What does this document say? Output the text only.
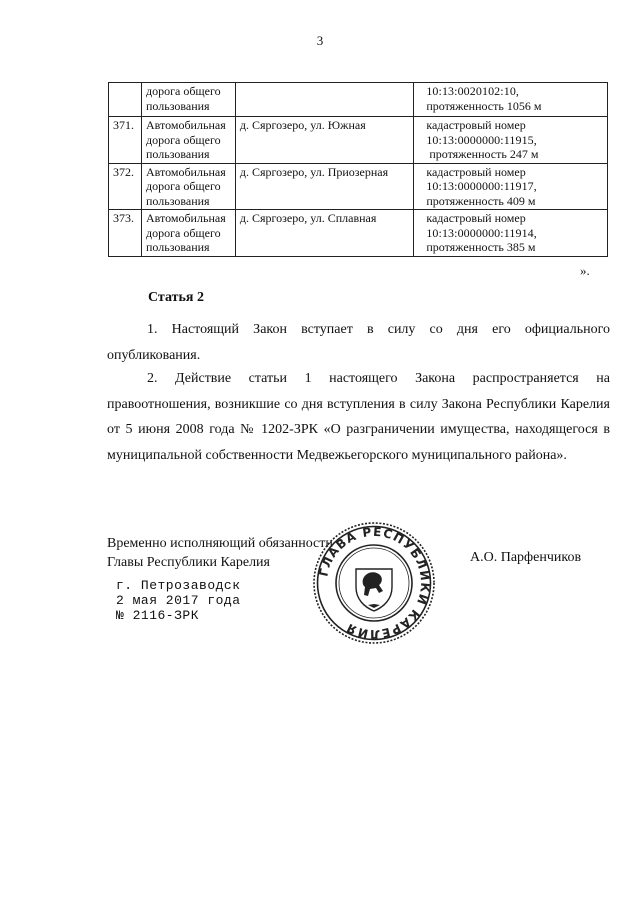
3

	дорога общего
пользования		10:13:0020102:10,
протяженность 1056 м

371.	Автомобильная
дорога общего
пользования	д. Сяргозеро, ул. Южная	кадастровый номер
10:13:0000000:11915,
протяженность 247 м

372.	Автомобильная
дорога общего
пользования	д. Сяргозеро, ул. Приозерная	кадастровый номер
10:13:0000000:11917,
протяженность 409 м

373.	Автомобильная
дорога общего
пользования	д. Сяргозеро, ул. Сплавная	кадастровый номер
10:13:0000000:11914,
протяженность 385 м
».
Статья 2

1. Настоящий Закон вступает в силу со дня его официального опубликования.

2. Действие статьи 1 настоящего Закона распространяется на правоотношения, возникшие со дня вступления в силу Закона Республики Карелия от 5 июня 2008 года № 1202-ЗРК «О разграничении имущества, находящегося в муниципальной собственности Медвежьегорского муниципального района».

Временно исполняющий обязанности
Главы Республики Карелия	А.О. Парфенчиков
г. Петрозаводск
2 мая 2017 года
№ 2116-ЗРК
ГЛАВА РЕСПУБЛИКИ КАРЕЛИЯ
